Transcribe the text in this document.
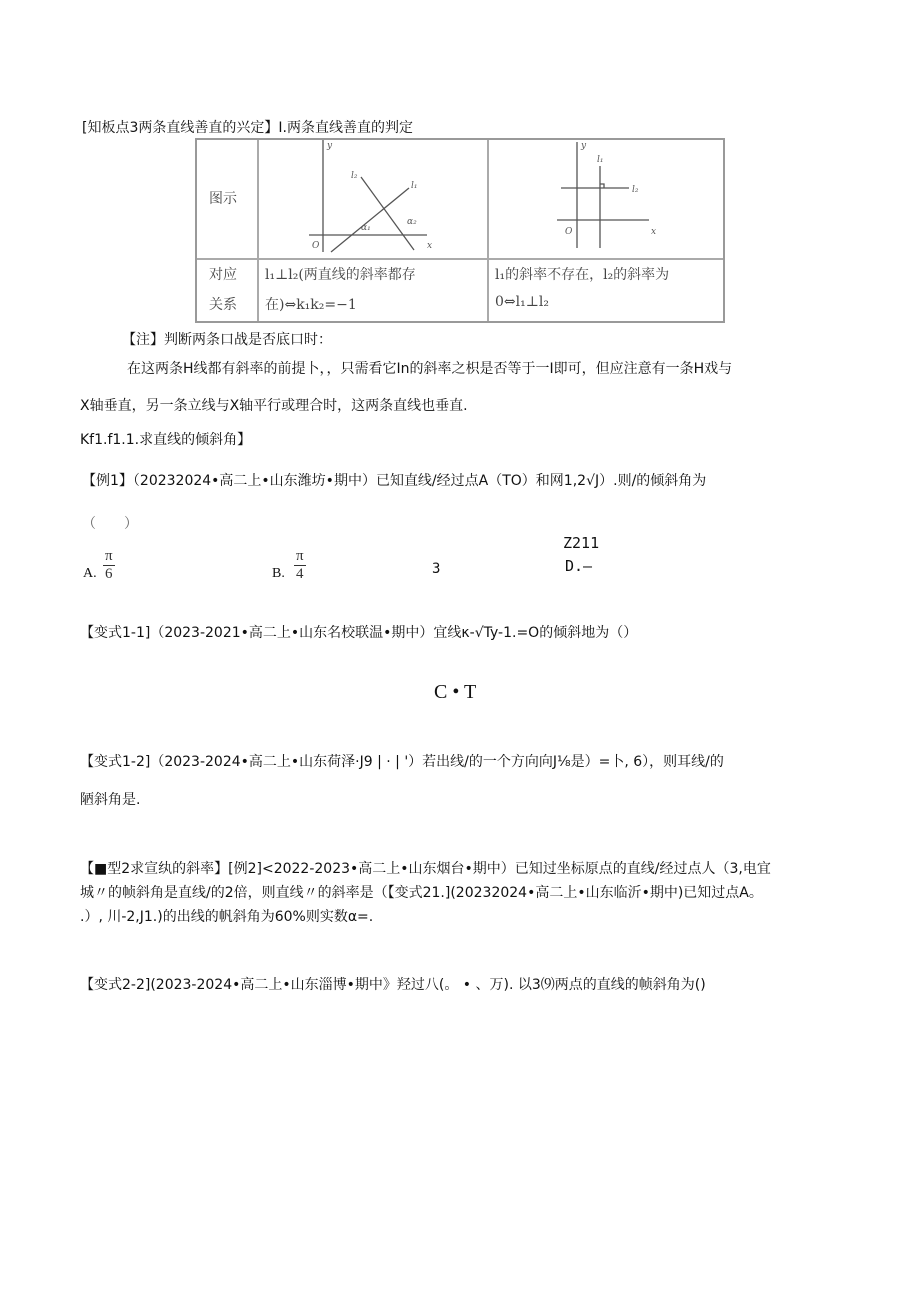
[知板点3两条直线善直的兴定】I.两条直线善直的判定
图示
对应
关系
l₁⊥l₂(两直线的斜率都存
在)⇔k₁k₂=−1
l₁的斜率不存在，l₂的斜率为
0⇔l₁⊥l₂
y
x
O
l₁
l₂
α₁
α₂
y
x
O
l₁
l₂
【注】判断两条口战是否底口时：
在这两条H线都有斜率的前提卜，，只需看它In的斜率之枳是否等于一I即可，但应注意有一条H戏与
X轴垂直，另一条立线与X轴平行或理合时，这两条直线也垂直.
Kf1.f1.1.求直线的倾斜角】
【例1】（20232024•高二上•山东潍坊•期中）已知直线/经过点A（TO）和网1,2√J）.则/的倾斜角为
（　　）
A. $\frac{\pi}{6}$	B. $\frac{\pi}{4}$	3
Z211
D.—
【变式1-1]（2023-2021•高二上•山东名校联温•期中）宜线κ-√Ty-1.=O的倾斜地为（）
C • T
【变式1-2]（2023-2024•高二上•山东荷泽·J9 | · | '）若出线/的一个方向向J⅛是）=卜, 6），则耳线/的
陋斜角是.
【■型2求宣纨的斜率】[例2]<2022-2023•高二上•山东烟台•期中）已知过坐标原点的直线/经过点人（3,电宜
城〃的帧斜角是直线/的2倍，则直线〃的斜率是（【变式21.](20232024•高二上•山东临沂•期中)已知过点A。
.）, 川-2,J1.)的出线的帆斜角为60%则实数α=.
【变式2-2](2023-2024•高二上•山东淄博•期中》羟过八(。 • 、万). 以3⑼两点的直线的帧斜角为()
